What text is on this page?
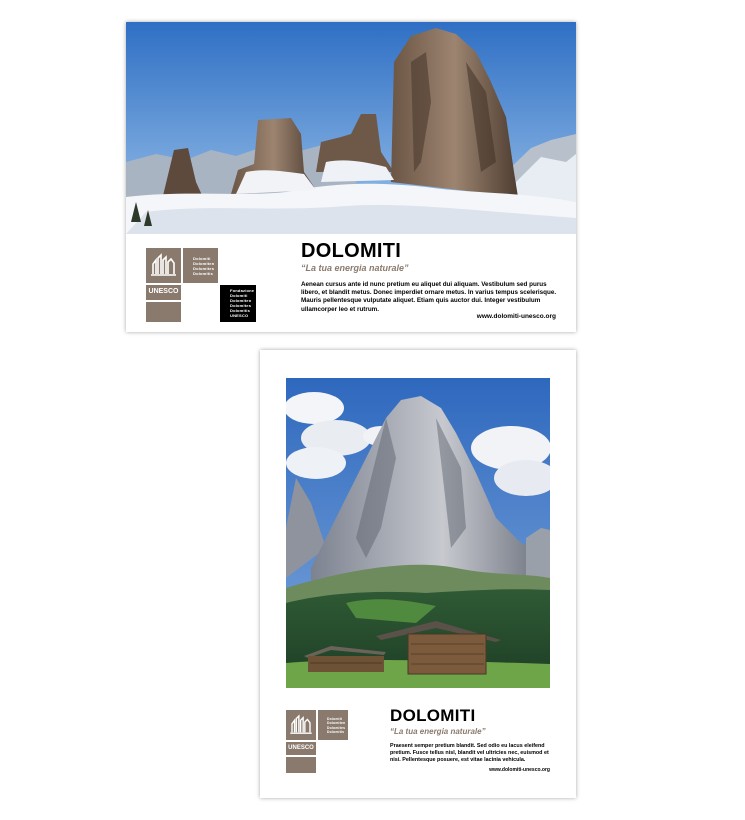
Dolomiti
Dolomiten
Dolomites
Dolomitis
UNESCO	Fondazione
Dolomiti
Dolomiten
Dolomites
Dolomitis
UNESCO
DOLOMITI
“La tua energia naturale”
Aenean cursus ante id nunc pretium eu aliquet dui aliquam. Vestibulum sed purus libero, et blandit metus. Donec imperdiet ornare metus. In varius tempus scelerisque. Mauris pellentesque vulputate aliquet. Etiam quis auctor dui. Integer vestibulum ullamcorper leo et rutrum.
www.dolomiti-unesco.org
Dolomiti
Dolomiten
Dolomites
Dolomitis
UNESCO
DOLOMITI
“La tua energia naturale”
Praesent semper pretium blandit. Sed odio eu lacus eleifend pretium. Fusce tellus nisl, blandit vel ultricies nec, euismod et nisi. Pellentesque posuere, est vitae lacinia vehicula.
www.dolomiti-unesco.org
